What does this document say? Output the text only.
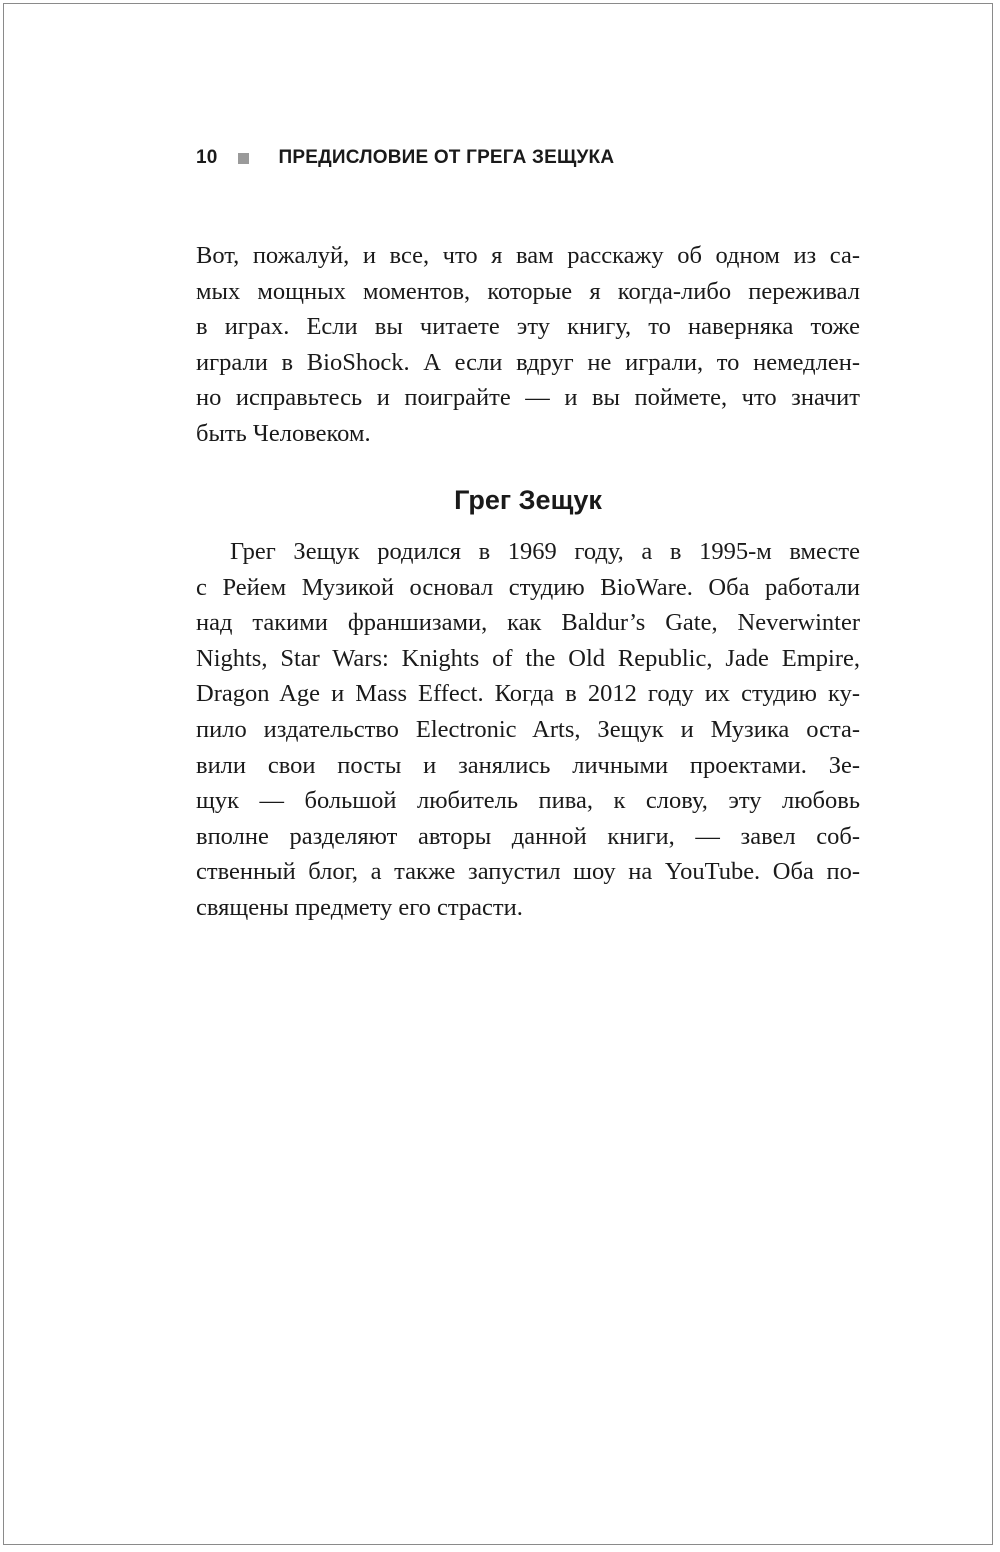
10	ПРЕДИСЛОВИЕ ОТ ГРЕГА ЗЕЩУКА
Вот, пожалуй, и все, что я вам расскажу об одном из са-
мых мощных моментов, которые я когда-либо переживал
в играх. Если вы читаете эту книгу, то наверняка тоже
играли в BioShock. А если вдруг не играли, то немедлен-
но исправьтесь и поиграйте — и вы поймете, что значит
быть Человеком.
Грег Зещук
Грег Зещук родился в 1969 году, а в 1995-м вместе
с Рейем Музикой основал студию BioWare. Оба работали
над такими франшизами, как Baldur’s Gate, Neverwinter
Nights, Star Wars: Knights of the Old Republic, Jade Empire,
Dragon Age и Mass Effect. Когда в 2012 году их студию ку-
пило издательство Electronic Arts, Зещук и Музика оста-
вили свои посты и занялись личными проектами. Зе-
щук — большой любитель пива, к слову, эту любовь
вполне разделяют авторы данной книги, — завел соб-
ственный блог, а также запустил шоу на YouTube. Оба по-
священы предмету его страсти.
